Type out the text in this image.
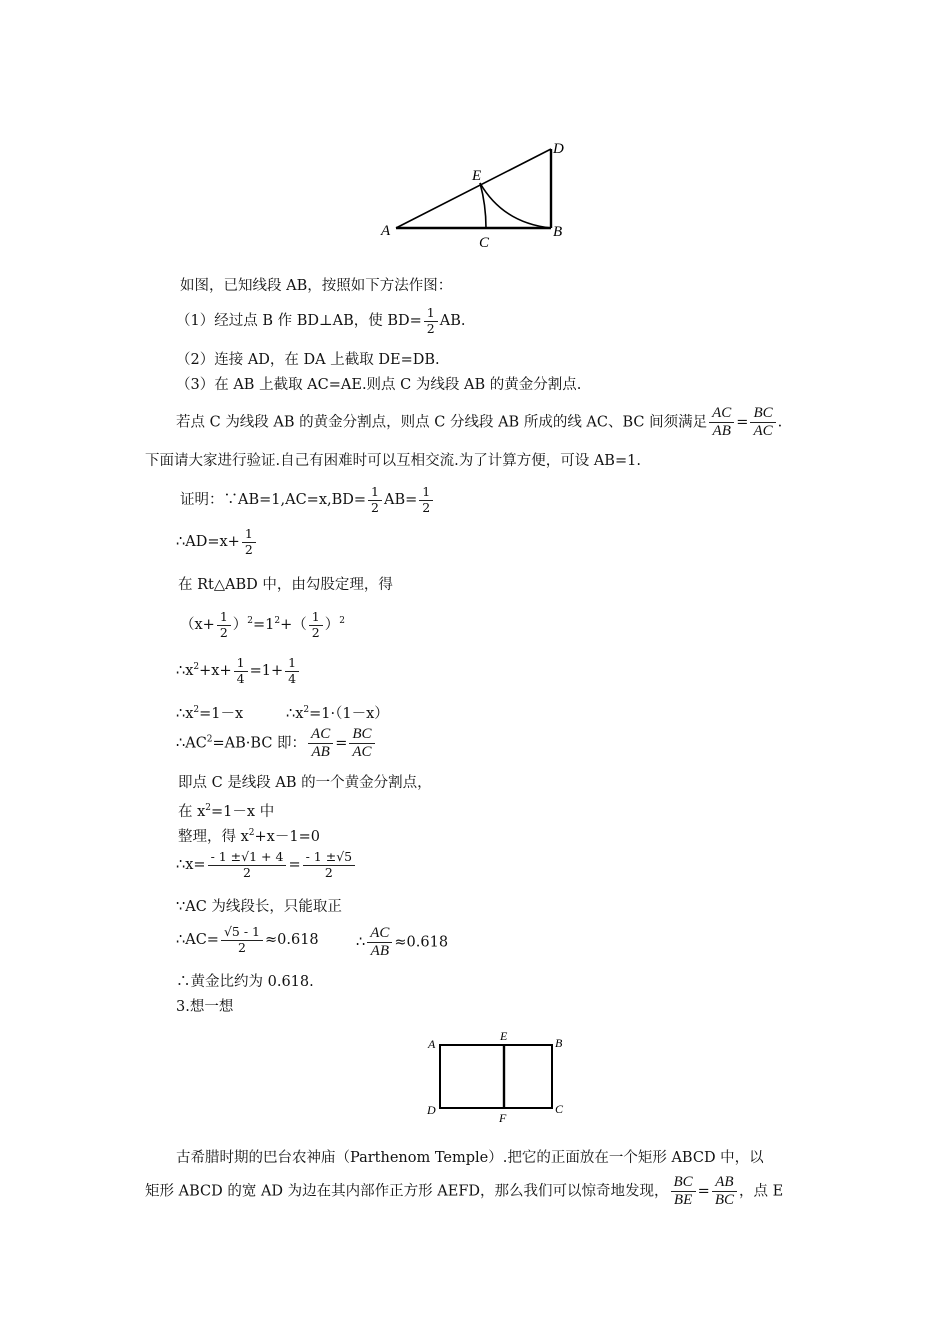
A	B
C
D
E
如图，已知线段 AB，按照如下方法作图：
（1）经过点 B 作 BD⊥AB，使 $BD= \frac{1}{2}$ AB.
（2）连接 AD，在 DA 上截取 DE=DB.
（3）在 AB 上截取 AC=AE.则点 C 为线段 AB 的黄金分割点.
若点 C 为线段 AB 的黄金分割点，则点 C 分线段 AB 所成的线 AC、BC 间须满足 $\frac{AC}{AB} = \frac{BC}{AC}$ .
下面请大家进行验证.自己有困难时可以互相交流.为了计算方便，可设 AB=1.
证明：∵AB=1,AC=x,BD= $\frac{1}{2} AB= \frac{1}{2}$
∴AD=x+ $\frac{1}{2}$
在 Rt△ABD 中，由勾股定理，得
$(x+ \frac{1}{2} )^2=1^2+( \frac{1}{2} )^2$
$\therefore x^2+x+ \frac{1}{4} =1+ \frac{1}{4}$
$\therefore x^2=1-x$	$\therefore x^2=1\cdot(1-x)$
$\therefore AC^2=AB\cdot BC$ 即： $\frac{AC}{AB} = \frac{BC}{AC}$
即点 C 是线段 AB 的一个黄金分割点，
在 $x^2=1-x$ 中
整理，得 $x^2+x-1=0$
∴x= $\frac{- 1 \pm√1 + 4}{2} = \frac{- 1 \pm√5}{2}$
∵AC 为线段长，只能取正
∴AC= $\frac{√5 - 1}{2} \approx 0.618$	∴ $\frac{AC}{AB} \approx 0.618$
∴黄金比约为 0.618.
3.想一想
A
E	B
D
F
C
古希腊时期的巴台农神庙（Parthenom Temple）.把它的正面放在一个矩形 ABCD 中，以
矩形 ABCD 的宽 AD 为边在其内部作正方形 AEFD，那么我们可以惊奇地发现， $\frac{BC}{BE} = \frac{AB}{BC}$ ，点 E
